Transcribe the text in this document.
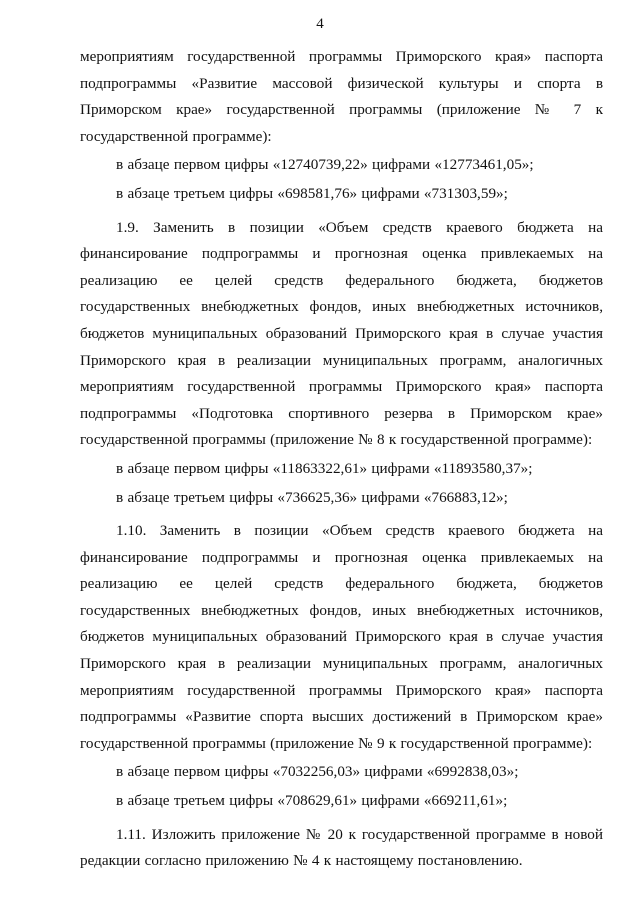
4

мероприятиям государственной программы Приморского края» паспорта подпрограммы «Развитие массовой физической культуры и спорта в Приморском крае» государственной программы (приложение № 7 к государственной программе):

в абзаце первом цифры «12740739,22» цифрами «12773461,05»;

в абзаце третьем цифры «698581,76» цифрами «731303,59»;

1.9. Заменить в позиции «Объем средств краевого бюджета на финансирование подпрограммы и прогнозная оценка привлекаемых на реализацию ее целей средств федерального бюджета, бюджетов государственных внебюджетных фондов, иных внебюджетных источников, бюджетов муниципальных образований Приморского края в случае участия Приморского края в реализации муниципальных программ, аналогичных мероприятиям государственной программы Приморского края» паспорта подпрограммы «Подготовка спортивного резерва в Приморском крае» государственной программы (приложение № 8 к государственной программе):

в абзаце первом цифры «11863322,61» цифрами «11893580,37»;

в абзаце третьем цифры «736625,36» цифрами «766883,12»;

1.10. Заменить в позиции «Объем средств краевого бюджета на финансирование подпрограммы и прогнозная оценка привлекаемых на реализацию ее целей средств федерального бюджета, бюджетов государственных внебюджетных фондов, иных внебюджетных источников, бюджетов муниципальных образований Приморского края в случае участия Приморского края в реализации муниципальных программ, аналогичных мероприятиям государственной программы Приморского края» паспорта подпрограммы «Развитие спорта высших достижений в Приморском крае» государственной программы (приложение № 9 к государственной программе):

в абзаце первом цифры «7032256,03» цифрами «6992838,03»;

в абзаце третьем цифры «708629,61» цифрами «669211,61»;

1.11. Изложить приложение № 20 к государственной программе в новой редакции согласно приложению № 4 к настоящему постановлению.
